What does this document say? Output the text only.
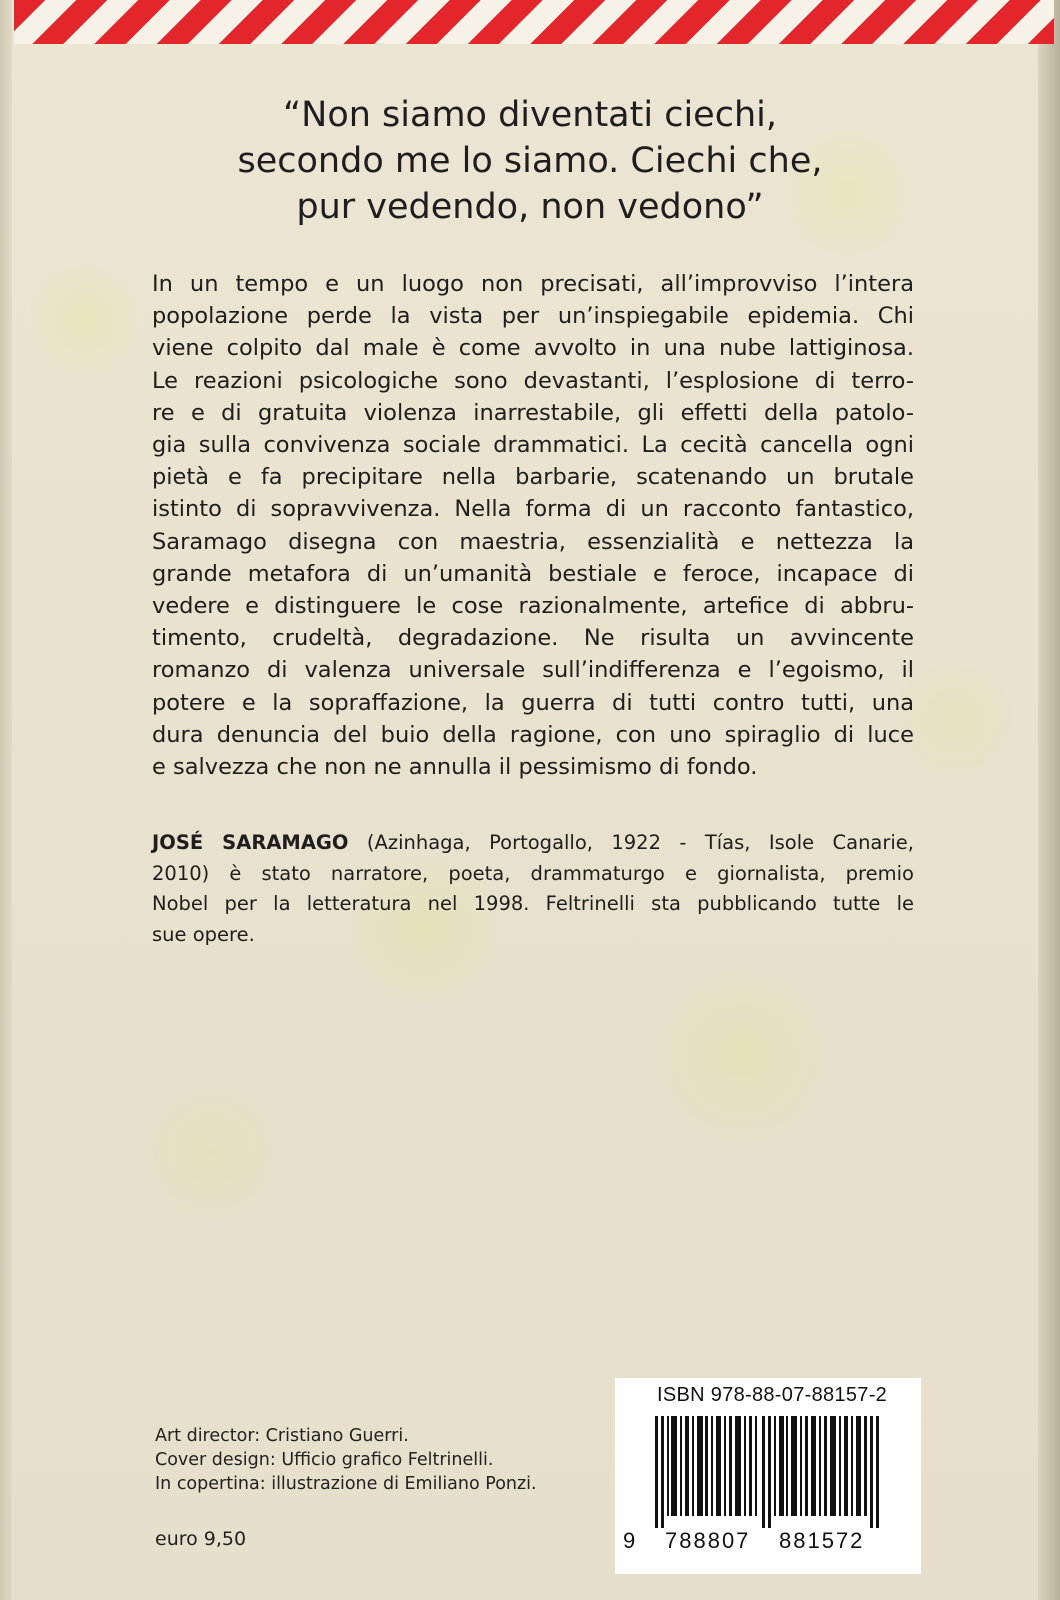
“Non siamo diventati ciechi,
secondo me lo siamo. Ciechi che,
pur vedendo, non vedono”
In un tempo e un luogo non precisati, all’improvviso l’intera
popolazione perde la vista per un’inspiegabile epidemia. Chi
viene colpito dal male è come avvolto in una nube lattiginosa.
Le reazioni psicologiche sono devastanti, l’esplosione di terro-
re e di gratuita violenza inarrestabile, gli effetti della patolo-
gia sulla convivenza sociale drammatici. La cecità cancella ogni
pietà e fa precipitare nella barbarie, scatenando un brutale
istinto di sopravvivenza. Nella forma di un racconto fantastico,
Saramago disegna con maestria, essenzialità e nettezza la
grande metafora di un’umanità bestiale e feroce, incapace di
vedere e distinguere le cose razionalmente, artefice di abbru-
timento, crudeltà, degradazione. Ne risulta un avvincente
romanzo di valenza universale sull’indifferenza e l’egoismo, il
potere e la sopraffazione, la guerra di tutti contro tutti, una
dura denuncia del buio della ragione, con uno spiraglio di luce
e salvezza che non ne annulla il pessimismo di fondo.
JOSÉ SARAMAGO (Azinhaga, Portogallo, 1922 - Tías, Isole Canarie,
2010) è stato narratore, poeta, drammaturgo e giornalista, premio
Nobel per la letteratura nel 1998. Feltrinelli sta pubblicando tutte le
sue opere.
Art director: Cristiano Guerri.
Cover design: Ufficio grafico Feltrinelli.
In copertina: illustrazione di Emiliano Ponzi.
euro 9,50
ISBN 978-88-07-88157-2
9 788807 881572
